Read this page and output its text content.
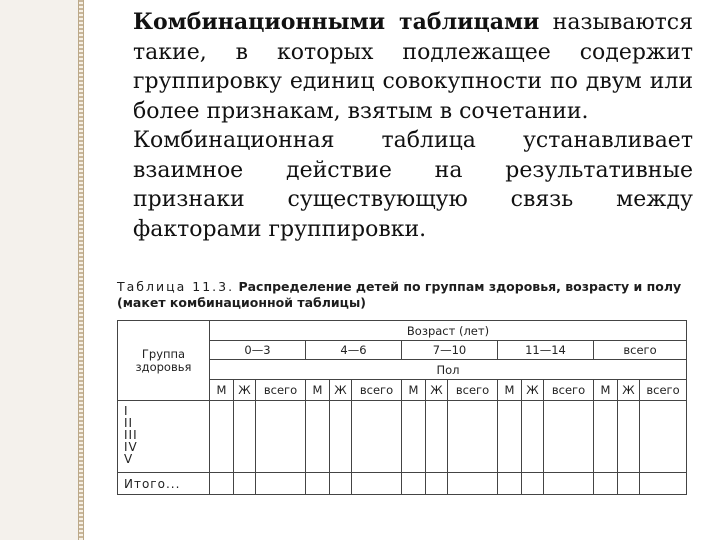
Комбинационными таблицами называются такие, в которых подлежащее содержит группировку единиц совокупности по двум или более признакам, взятым в сочетании.

Комбинационная таблица устанавливает взаимное действие на результативные признаки существующую связь между факторами группировки.

Таблица 11.3. Распределение детей по группам здоровья, возрасту и полу (макет комбинационной таблицы)
Группа здоровья	Возраст (лет)														
	0—3			4—6			7—10			11—14			всего		
	Пол														
	М	Ж	всего	М	Ж	всего	М	Ж	всего	М	Ж	всего	М	Ж	всего

I
II
III
IV
V															

Итого...															
